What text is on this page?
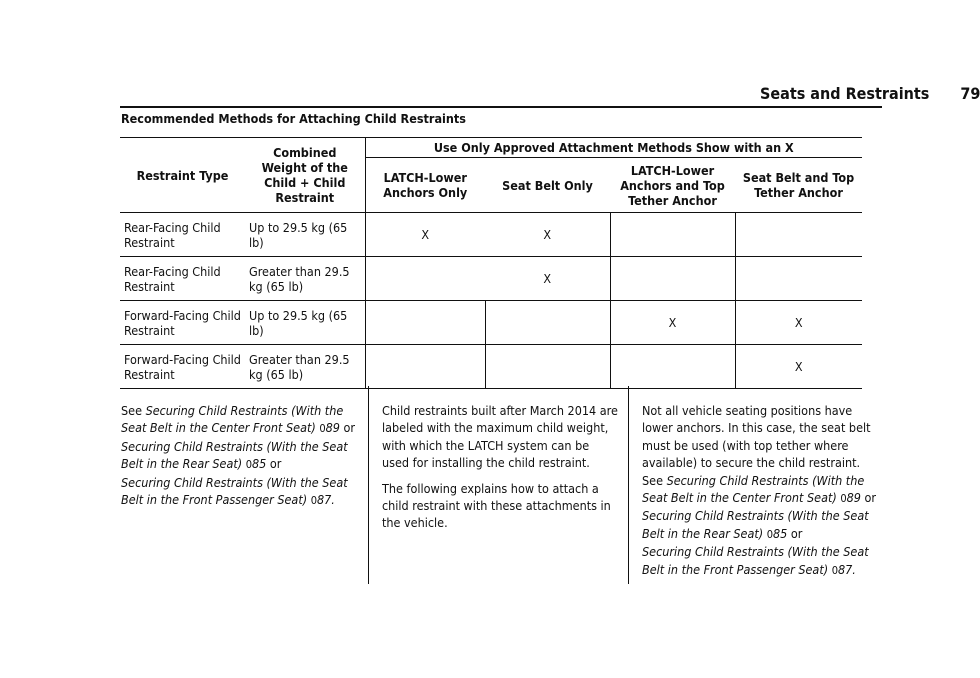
Seats and Restraints 79
Recommended Methods for Attaching Child Restraints
Restraint Type	Combined Weight of the Child + Child Restraint	Use Only Approved Attachment Methods Show with an X			
		LATCH-Lower Anchors Only	Seat Belt Only	LATCH-Lower Anchors and Top Tether Anchor	Seat Belt and Top Tether Anchor
Rear-Facing Child Restraint	Up to 29.5 kg (65 lb)	X	X		
Rear-Facing Child Restraint	Greater than 29.5 kg (65 lb)		X		
Forward-Facing Child Restraint	Up to 29.5 kg (65 lb)			X	X
Forward-Facing Child Restraint	Greater than 29.5 kg (65 lb)				X

See Securing Child Restraints (With the Seat Belt in the Center Front Seat) 089 or
Securing Child Restraints (With the Seat Belt in the Rear Seat) 085 or
Securing Child Restraints (With the Seat Belt in the Front Passenger Seat) 087.

Child restraints built after March 2014 are labeled with the maximum child weight, with which the LATCH system can be used for installing the child restraint.

The following explains how to attach a child restraint with these attachments in the vehicle.

Not all vehicle seating positions have lower anchors. In this case, the seat belt must be used (with top tether where available) to secure the child restraint. See Securing Child Restraints (With the Seat Belt in the Center Front Seat) 089 or
Securing Child Restraints (With the Seat Belt in the Rear Seat) 085 or
Securing Child Restraints (With the Seat Belt in the Front Passenger Seat) 087.
